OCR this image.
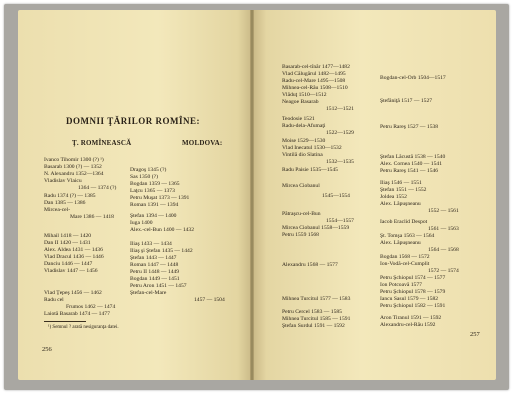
DOMNII ŢĂRILOR ROMÎNE:
Ţ. ROMÎNEASCĂ	MOLDOVA:
Ivanco Tihomir 1300 (?) ¹)
Basarab 1300 (?) — 1352
N. Alexandru 1352—1364
Vladislav Vlaicu
1364 — 1374 (?)
Radu 1374 (?) — 1385
Dan 1385 — 1386
Mircea-cel-
Mare 1386 — 1418
Mihail 1418 — 1420
Dan II 1420 — 1431
Alex. Aldea 1431 — 1436
Vlad Dracul 1436 — 1446
Danciu 1446 — 1447
Vladislav 1447 — 1456
Vlad Ţepeş 1456 — 1462
Radu cel
Frumos 1462 — 1474
Laiotă Basarab 1474 — 1477
Dragoş 1345 (?)
Sas 1350 (?)
Bogdan 1359 — 1365
Laţcu 1365 — 1373
Petru Muşat 1373 — 1391
Roman 1391 — 1394
Ştefan 1394 — 1400
Iuga 1400
Alex.-cel-Bun 1400 — 1432
Iliaş 1433 — 1434
Iliaş şi Ştefan 1435 — 1442
Ştefan 1443 — 1447
Roman 1447 — 1448
Petru II 1448 — 1449
Bogdan 1449 — 1451
Petru Aron 1451 — 1457
Ştefan-cel-Mare
1457 — 1504
¹) Semnul ? arată nesiguranţa datei.
256
Basarab-cel-tînăr 1477—1482
Vlad Călugărul 1482—1495
Radu-cel-Mare 1495—1508
Mihnea-cel-Rău 1508—1510
Vlăduţ 1510—1512
Neagoe Basarab
1512—1521
Teodosie 1521
Radu-dela-Afumaţi
1522—1529
Moise 1529—1530
Vlad Inecatul 1530—1532
Vintilă dio Slatina
1532—1535
Radu Paisie 1535—1545
Mircea Ciobanul
1545—1554
Pătraşcu-cel-Bun
1554—1557
Mircea Ciobanul 1558—1559
Petru 1559 1568
Alexandru 1568 — 1577
Mihnea Turcitul 1577 — 1583
Petru Cercel 1583 — 1585
Mihnea Turcitul 1585 — 1591
Ştefan Surdul 1591 — 1592
Bogdan-cel-Orb 1504—1517
Ştefăniţă 1517 — 1527
Petru Rareş 1527 — 1538
Ştefan Lăcustă 1538 — 1540
Alex. Cornea 1540 — 1541
Petru Rareş 1541 — 1546
Iliaş 1546 — 1551
Ştefan 1551 — 1552
Joldea 1552
Alex. Lăpuşneanu
1552 — 1561
Iacob Eraclid Despot
1561 — 1563
Şt. Tomşa 1563 — 1564
Alex. Lăpuşneanu
1564 — 1568
Bogdan 1568 — 1572
Ion-Vodă-cel-Cumplit
1572 — 1574
Petru Şchiopul 1574 — 1577
Ion Potcoavă 1577
Petru Şchiopul 1578 — 1579
Iancu Sasul 1579 — 1582
Petru Şchiopul 1582 — 1591
Aron Tiranul 1591 — 1592
Alexandru-cel-Rău 1592
257
